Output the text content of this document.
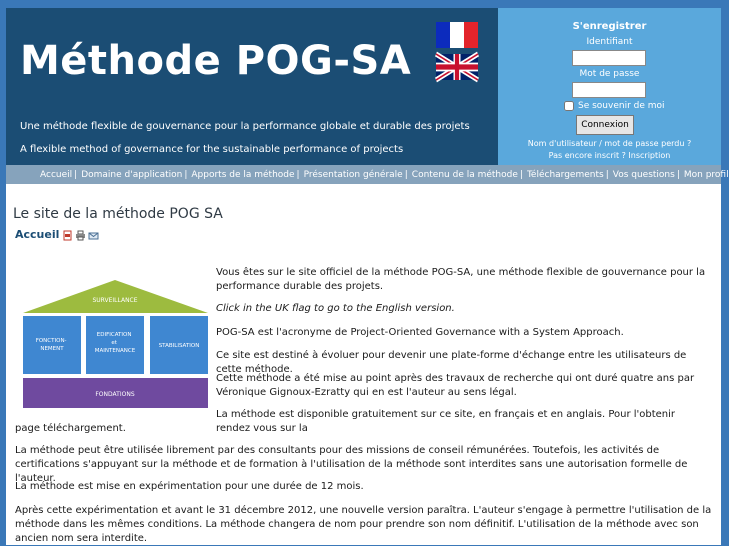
Méthode POG-SA
Une méthode flexible de gouvernance pour la performance globale et durable des projets
A flexible method of governance for the sustainable performance of projects
S'enregistrer
Identifiant
Mot de passe
Se souvenir de moi
Connexion
Nom d'utilisateur / mot de passe perdu ?
Pas encore inscrit ? Inscription
Accueil | Domaine d'application | Apports de la méthode | Présentation générale | Contenu de la méthode | Téléchargements | Vos questions | Mon profil
Le site de la méthode POG SA
Accueil
SURVEILLANCE
FONCTION- NEMENT
EDIFICATION et MAINTENANCE
STABILISATION
FONDATIONS

Vous êtes sur le site officiel de la méthode POG-SA, une méthode flexible de gouvernance pour la performance durable des projets.

Click in the UK flag to go to the English version.

POG-SA est l'acronyme de Project-Oriented Governance with a System Approach.

Ce site est destiné à évoluer pour devenir une plate-forme d'échange entre les utilisateurs de cette méthode.

Cette méthode a été mise au point après des travaux de recherche qui ont duré quatre ans par Véronique Gignoux-Ezratty qui en est l'auteur au sens légal.

La méthode est disponible gratuitement sur ce site, en français et en anglais. Pour l'obtenir rendez vous sur la

page téléchargement.

La méthode peut être utilisée librement par des consultants pour des missions de conseil rémunérées. Toutefois, les activités de certifications s'appuyant sur la méthode et de formation à l'utilisation de la méthode sont interdites sans une autorisation formelle de l'auteur.

La méthode est mise en expérimentation pour une durée de 12 mois.

Après cette expérimentation et avant le 31 décembre 2012, une nouvelle version paraîtra. L'auteur s'engage à permettre l'utilisation de la méthode dans les mêmes conditions. La méthode changera de nom pour prendre son nom définitif. L'utilisation de la méthode avec son ancien nom sera interdite.
